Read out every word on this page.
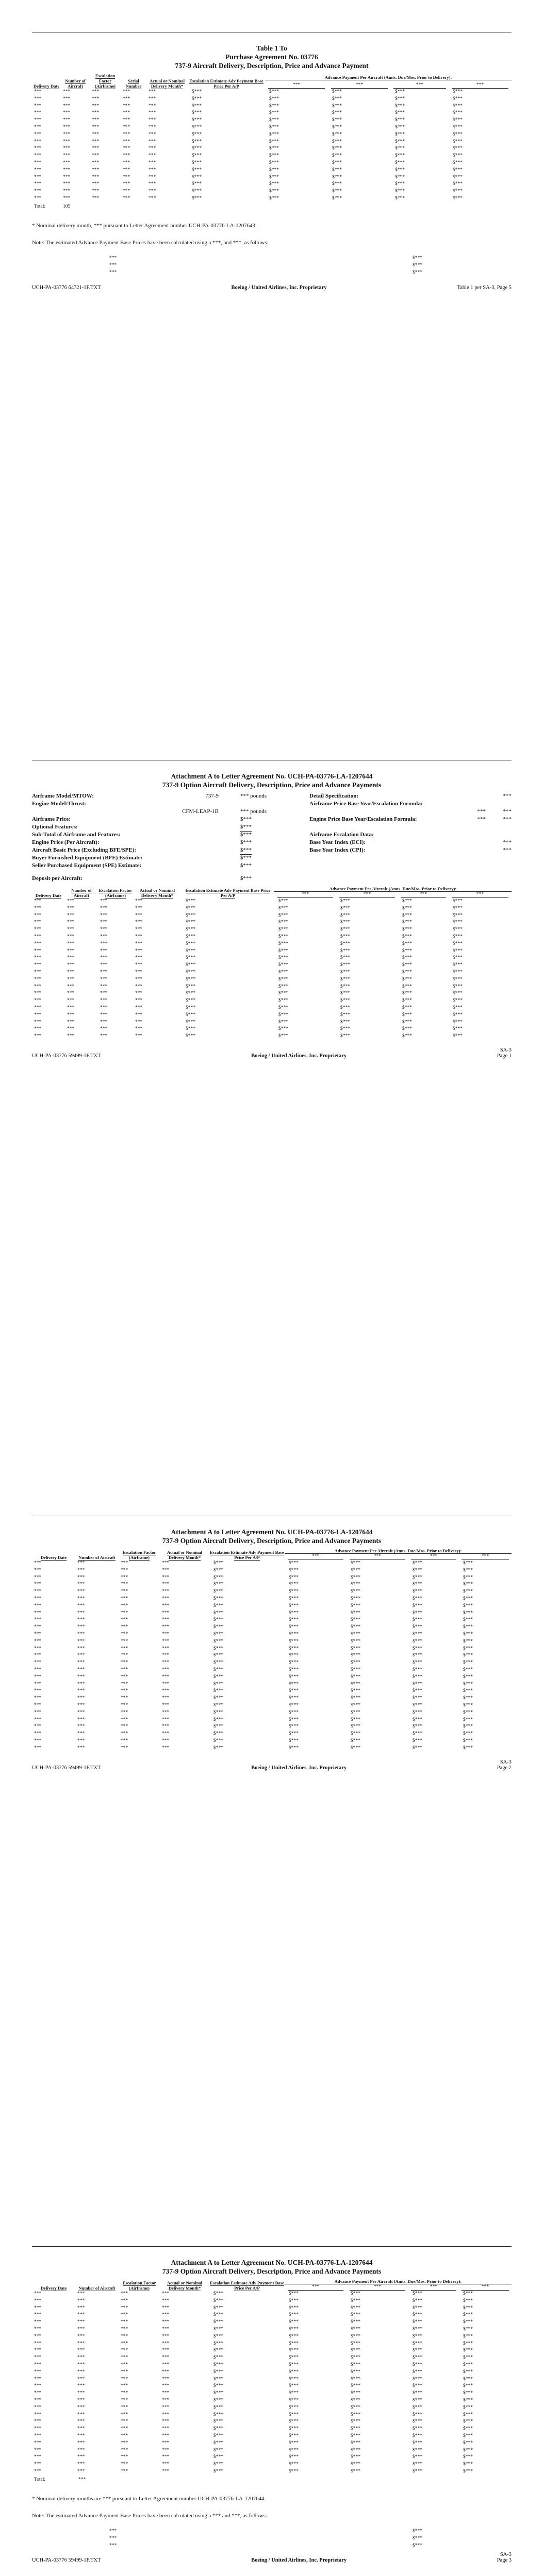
Table 1 To
Purchase Agreement No. 03776
737-9 Aircraft Delivery, Description, Price and Advance Payment
Delivery Date	Number of Aircraft	Escalation Factor (Airframe)	Serial Number	Actual or Nominal Delivery Month*	Escalation Estimate Adv Payment Base Price Per A/P	Advance Payment Per Aircraft (Amts. Due/Mos. Prior to Delivery):			
						***	***	***	***
***	***	***	***	***	$***	$***	$***	$***	$***
***	***	***	***	***	$***	$***	$***	$***	$***
***	***	***	***	***	$***	$***	$***	$***	$***
***	***	***	***	***	$***	$***	$***	$***	$***
***	***	***	***	***	$***	$***	$***	$***	$***
***	***	***	***	***	$***	$***	$***	$***	$***
***	***	***	***	***	$***	$***	$***	$***	$***
***	***	***	***	***	$***	$***	$***	$***	$***
***	***	***	***	***	$***	$***	$***	$***	$***
***	***	***	***	***	$***	$***	$***	$***	$***
***	***	***	***	***	$***	$***	$***	$***	$***
***	***	***	***	***	$***	$***	$***	$***	$***
***	***	***	***	***	$***	$***	$***	$***	$***
***	***	***	***	***	$***	$***	$***	$***	$***
***	***	***	***	***	$***	$***	$***	$***	$***
***	***	***	***	***	$***	$***	$***	$***	$***
Total:	105
* Nominal delivery month, *** pursuant to Letter Agreement number UCH-PA-03776-LA-1207643.
Note: The estimated Advance Payment Base Prices have been calculated using a ***, and ***, as follows:
***	$***
***	$***
***	$***
UCH-PA-03776 64721-1F.TXT	Boeing / United Airlines, Inc. Proprietary	Table 1 per SA-3, Page 5
Attachment A to Letter Agreement No. UCH-PA-03776-LA-1207644
737-9 Option Aircraft Delivery, Description, Price and Advance Payments
Airframe Model/MTOW:	737-9	*** pounds
Engine Model/Thrust:
CFM-LEAP-1B	*** pounds
Airframe Price:	$***
Optional Features:	$***
Sub-Total of Airframe and Features:	$***
Engine Price (Per Aircraft):	$***
Aircraft Basic Price (Excluding BFE/SPE):	$***
Buyer Furnished Equipment (BFE) Estimate:	$***
Seller Purchased Equipment (SPE) Estimate:	$***
Detail Specification:	***
Airframe Price Base Year/Escalation Formula:
***	***
Engine Price Base Year/Escalation Formula:	***	***
Airframe Escalation Data:
Base Year Index (ECI):	***
Base Year Index (CPI):	***
Deposit per Aircraft:	$***
Delivery Date	Number of Aircraft	Escalation Factor (Airframe)	Actual or Nominal Delivery Month*	Escalation Estimate Adv Payment Base Price Per A/P	Advance Payment Per Aircraft (Amts. Due/Mos. Prior to Delivery):			
					***	***	***	***
***	***	***	***	$***	$***	$***	$***	$***
***	***	***	***	$***	$***	$***	$***	$***
***	***	***	***	$***	$***	$***	$***	$***
***	***	***	***	$***	$***	$***	$***	$***
***	***	***	***	$***	$***	$***	$***	$***
***	***	***	***	$***	$***	$***	$***	$***
***	***	***	***	$***	$***	$***	$***	$***
***	***	***	***	$***	$***	$***	$***	$***
***	***	***	***	$***	$***	$***	$***	$***
***	***	***	***	$***	$***	$***	$***	$***
***	***	***	***	$***	$***	$***	$***	$***
***	***	***	***	$***	$***	$***	$***	$***
***	***	***	***	$***	$***	$***	$***	$***
***	***	***	***	$***	$***	$***	$***	$***
***	***	***	***	$***	$***	$***	$***	$***
***	***	***	***	$***	$***	$***	$***	$***
***	***	***	***	$***	$***	$***	$***	$***
***	***	***	***	$***	$***	$***	$***	$***
***	***	***	***	$***	$***	$***	$***	$***
***	***	***	***	$***	$***	$***	$***	$***
UCH-PA-03776 59499-1F.TXT	Boeing / United Airlines, Inc. Proprietary
SA-3
Page 1
Attachment A to Letter Agreement No. UCH-PA-03776-LA-1207644
737-9 Option Aircraft Delivery, Description, Price and Advance Payments
Delivery Date	Number of Aircraft	Escalation Factor (Airframe)	Actual or Nominal Delivery Month*	Escalation Estimate Adv Payment Base Price Per A/P	Advance Payment Per Aircraft (Amts. Due/Mos. Prior to Delivery):			
					***	***	***	***
***	***	***	***	$***	$***	$***	$***	$***
***	***	***	***	$***	$***	$***	$***	$***
***	***	***	***	$***	$***	$***	$***	$***
***	***	***	***	$***	$***	$***	$***	$***
***	***	***	***	$***	$***	$***	$***	$***
***	***	***	***	$***	$***	$***	$***	$***
***	***	***	***	$***	$***	$***	$***	$***
***	***	***	***	$***	$***	$***	$***	$***
***	***	***	***	$***	$***	$***	$***	$***
***	***	***	***	$***	$***	$***	$***	$***
***	***	***	***	$***	$***	$***	$***	$***
***	***	***	***	$***	$***	$***	$***	$***
***	***	***	***	$***	$***	$***	$***	$***
***	***	***	***	$***	$***	$***	$***	$***
***	***	***	***	$***	$***	$***	$***	$***
***	***	***	***	$***	$***	$***	$***	$***
***	***	***	***	$***	$***	$***	$***	$***
***	***	***	***	$***	$***	$***	$***	$***
***	***	***	***	$***	$***	$***	$***	$***
***	***	***	***	$***	$***	$***	$***	$***
***	***	***	***	$***	$***	$***	$***	$***
***	***	***	***	$***	$***	$***	$***	$***
***	***	***	***	$***	$***	$***	$***	$***
***	***	***	***	$***	$***	$***	$***	$***
***	***	***	***	$***	$***	$***	$***	$***
***	***	***	***	$***	$***	$***	$***	$***
***	***	***	***	$***	$***	$***	$***	$***
UCH-PA-03776 59499-1F.TXT	Boeing / United Airlines, Inc. Proprietary
SA-3
Page 2
Attachment A to Letter Agreement No. UCH-PA-03776-LA-1207644
737-9 Option Aircraft Delivery, Description, Price and Advance Payments
Delivery Date	Number of Aircraft	Escalation Factor (Airframe)	Actual or Nominal Delivery Month*	Escalation Estimate Adv Payment Base Price Per A/P	Advance Payment Per Aircraft (Amts. Due/Mos. Prior to Delivery):			
					***	***	***	***
***	***	***	***	$***	$***	$***	$***	$***
***	***	***	***	$***	$***	$***	$***	$***
***	***	***	***	$***	$***	$***	$***	$***
***	***	***	***	$***	$***	$***	$***	$***
***	***	***	***	$***	$***	$***	$***	$***
***	***	***	***	$***	$***	$***	$***	$***
***	***	***	***	$***	$***	$***	$***	$***
***	***	***	***	$***	$***	$***	$***	$***
***	***	***	***	$***	$***	$***	$***	$***
***	***	***	***	$***	$***	$***	$***	$***
***	***	***	***	$***	$***	$***	$***	$***
***	***	***	***	$***	$***	$***	$***	$***
***	***	***	***	$***	$***	$***	$***	$***
***	***	***	***	$***	$***	$***	$***	$***
***	***	***	***	$***	$***	$***	$***	$***
***	***	***	***	$***	$***	$***	$***	$***
***	***	***	***	$***	$***	$***	$***	$***
***	***	***	***	$***	$***	$***	$***	$***
***	***	***	***	$***	$***	$***	$***	$***
***	***	***	***	$***	$***	$***	$***	$***
***	***	***	***	$***	$***	$***	$***	$***
***	***	***	***	$***	$***	$***	$***	$***
***	***	***	***	$***	$***	$***	$***	$***
***	***	***	***	$***	$***	$***	$***	$***
***	***	***	***	$***	$***	$***	$***	$***
***	***	***	***	$***	$***	$***	$***	$***
Total:	***
* Nominal delivery months are *** pursuant to Letter Agreement number UCH-PA-03776-LA-1207644.
Note: The estimated Advance Payment Base Prices have been calculated using a *** and ***, as follows:
***	$***
***	$***
***	$***
UCH-PA-03776 59499-1F.TXT	Boeing / United Airlines, Inc. Proprietary
SA-3
Page 3
